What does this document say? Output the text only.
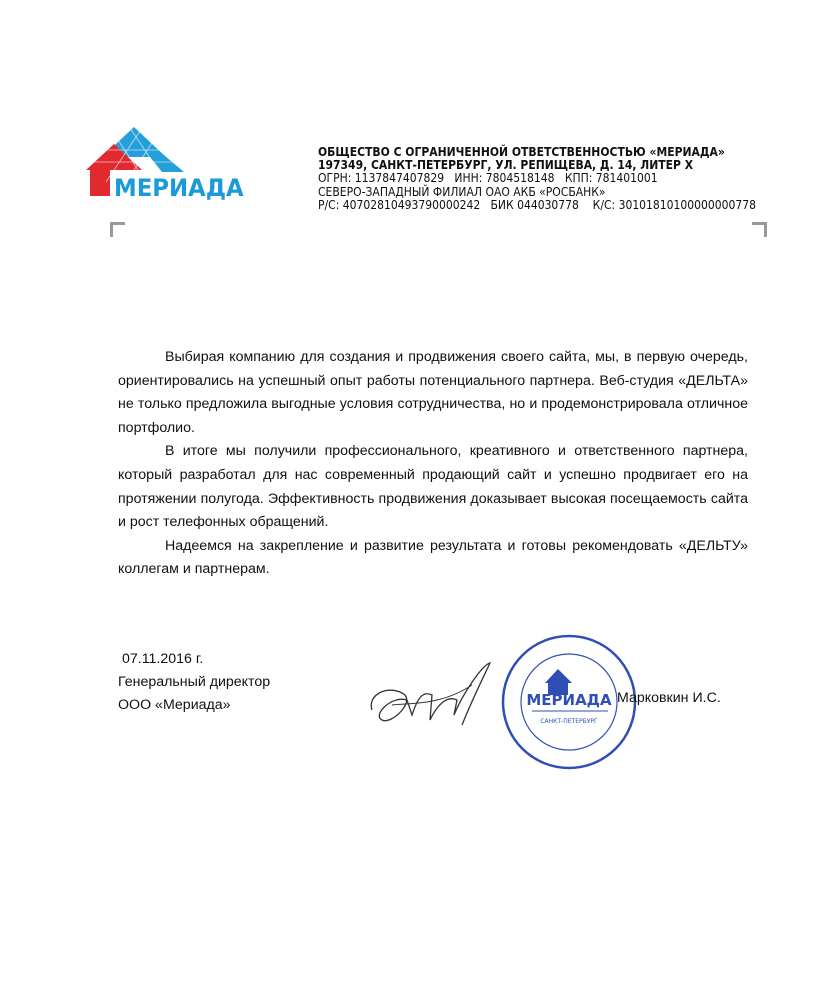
МЕРИАДА
ОБЩЕСТВО С ОГРАНИЧЕННОЙ ОТВЕТСТВЕННОСТЬЮ «МЕРИАДА»
197349, САНКТ-ПЕТЕРБУРГ, УЛ. РЕПИЩЕВА, Д. 14, ЛИТЕР Х
ОГРН: 1137847407829   ИНН: 7804518148   КПП: 781401001
СЕВЕРО-ЗАПАДНЫЙ ФИЛИАЛ ОАО АКБ «РОСБАНК»
Р/С: 40702810493790000242   БИК 044030778    К/С: 30101810100000000778

Выбирая компанию для создания и продвижения своего сайта, мы, в первую очередь, ориентировались на успешный опыт работы потенциального партнера. Веб-студия «ДЕЛЬТА» не только предложила выгодные условия сотрудничества, но и продемонстрировала отличное портфолио.

В итоге мы получили профессионального, креативного и ответственного партнера, который разработал для нас современный продающий сайт и успешно продвигает его на протяжении полугода. Эффективность продвижения доказывает высокая посещаемость сайта и рост телефонных обращений.

Надеемся на закрепление и развитие результата и готовы рекомендовать «ДЕЛЬТУ» коллегам и партнерам.

07.11.2016 г.
Генеральный директор
ООО «Мериада»	МЕРИАДА
САНКТ-ПЕТЕРБУРГ
Марковкин И.С.
